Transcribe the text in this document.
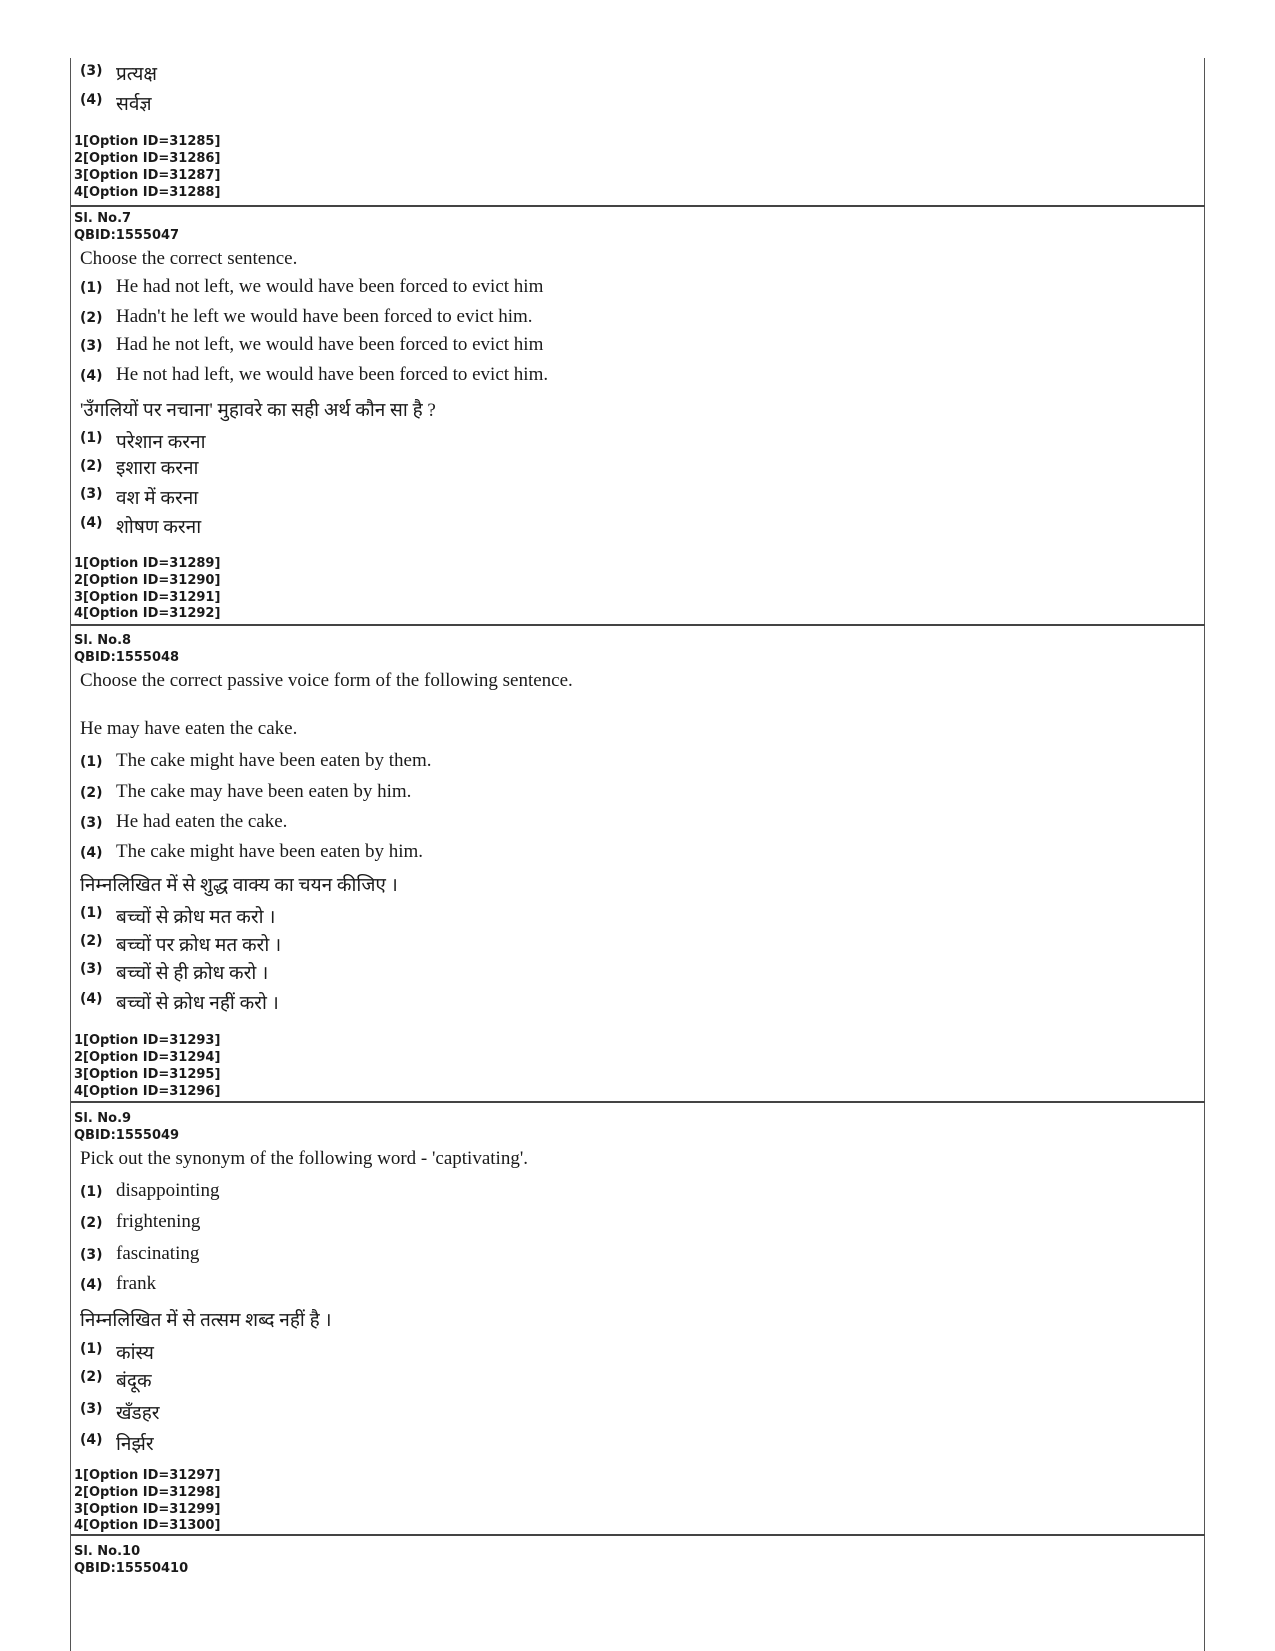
(3) प्रत्यक्ष
(4) सर्वज्ञ
1[Option ID=31285]
2[Option ID=31286]
3[Option ID=31287]
4[Option ID=31288]
Sl. No.7
QBID:1555047
Choose the correct sentence.
(1) He had not left, we would have been forced to evict him
(2) Hadn't he left we would have been forced to evict him.
(3) Had he not left, we would have been forced to evict him
(4) He not had left, we would have been forced to evict him.
'उँगलियों पर नचाना' मुहावरे का सही अर्थ कौन सा है ?
(1) परेशान करना
(2) इशारा करना
(3) वश में करना
(4) शोषण करना
1[Option ID=31289]
2[Option ID=31290]
3[Option ID=31291]
4[Option ID=31292]
Sl. No.8
QBID:1555048
Choose the correct passive voice form of the following sentence.
He may have eaten the cake.
(1) The cake might have been eaten by them.
(2) The cake may have been eaten by him.
(3) He had eaten the cake.
(4) The cake might have been eaten by him.
निम्नलिखित में से शुद्ध वाक्य का चयन कीजिए ।
(1) बच्चों से क्रोध मत करो ।
(2) बच्चों पर क्रोध मत करो ।
(3) बच्चों से ही क्रोध करो ।
(4) बच्चों से क्रोध नहीं करो ।
1[Option ID=31293]
2[Option ID=31294]
3[Option ID=31295]
4[Option ID=31296]
Sl. No.9
QBID:1555049
Pick out the synonym of the following word - 'captivating'.
(1) disappointing
(2) frightening
(3) fascinating
(4) frank
निम्नलिखित में से तत्सम शब्द नहीं है ।
(1) कांस्य
(2) बंदूक
(3) खँडहर
(4) निर्झर
1[Option ID=31297]
2[Option ID=31298]
3[Option ID=31299]
4[Option ID=31300]
Sl. No.10
QBID:15550410
